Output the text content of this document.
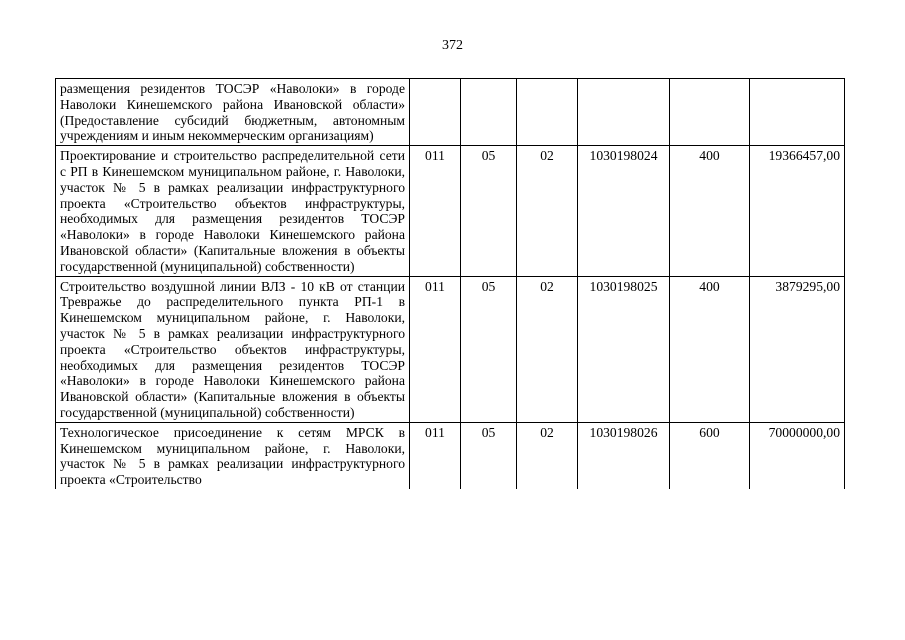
372
размещения резидентов ТОСЭР «Наволоки» в городе Наволоки Кинешемского района Ивановской области» (Предоставление субсидий бюджетным, автономным учреждениям и иным некоммерческим организациям)						
Проектирование и строительство распределительной сети с РП в Кинешемском муниципальном районе, г. Наволоки, участок № 5 в рамках реализации инфраструктурного проекта «Строительство объектов инфраструктуры, необходимых для размещения резидентов ТОСЭР «Наволоки» в городе Наволоки Кинешемского района Ивановской области» (Капитальные вложения в объекты государственной (муниципальной) собственности)	011	05	02	1030198024	400	19366457,00
Строительство воздушной линии ВЛЗ - 10 кВ от станции Тревражье до распределительного пункта РП-1 в Кинешемском муниципальном районе, г. Наволоки, участок № 5 в рамках реализации инфраструктурного проекта «Строительство объектов инфраструктуры, необходимых для размещения резидентов ТОСЭР «Наволоки» в городе Наволоки Кинешемского района Ивановской области» (Капитальные вложения в объекты государственной (муниципальной) собственности)	011	05	02	1030198025	400	3879295,00
Технологическое присоединение к сетям МРСК в Кинешемском муниципальном районе, г. Наволоки, участок № 5 в рамках реализации инфраструктурного проекта «Строительство	011	05	02	1030198026	600	70000000,00
